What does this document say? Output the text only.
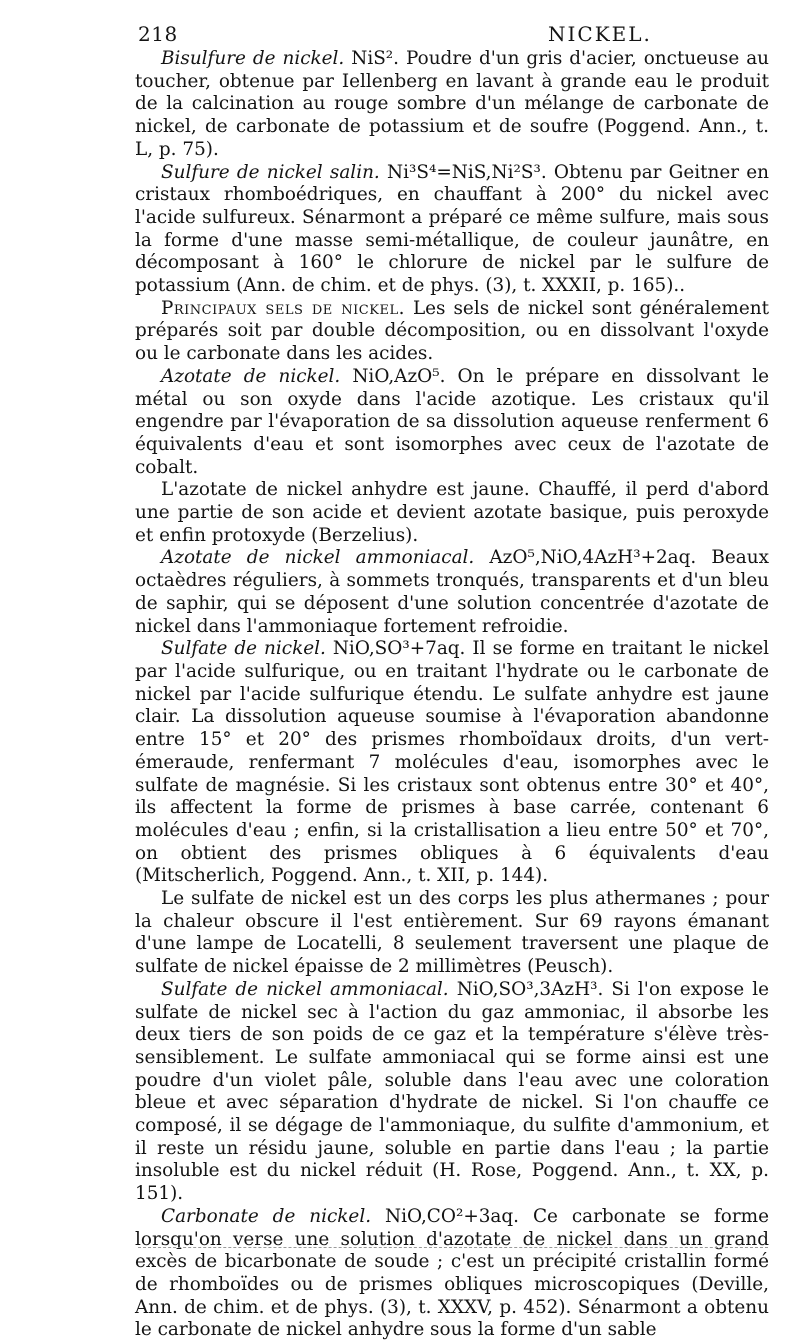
218	NICKEL.

Bisulfure de nickel. NiS². Poudre d'un gris d'acier, onctueuse au toucher, obtenue par Iellenberg en lavant à grande eau le produit de la calcination au rouge sombre d'un mélange de carbonate de nickel, de carbonate de potassium et de soufre (Poggend. Ann., t. L, p. 75).

Sulfure de nickel salin. Ni³S⁴=NiS,Ni²S³. Obtenu par Geitner en cristaux rhomboédriques, en chauffant à 200° du nickel avec l'acide sulfureux. Sénarmont a préparé ce même sulfure, mais sous la forme d'une masse semi-métallique, de couleur jaunâtre, en décomposant à 160° le chlorure de nickel par le sulfure de potassium (Ann. de chim. et de phys. (3), t. XXXII, p. 165)..

Principaux sels de nickel. Les sels de nickel sont généralement préparés soit par double décomposition, ou en dissolvant l'oxyde ou le carbonate dans les acides.

Azotate de nickel. NiO,AzO⁵. On le prépare en dissolvant le métal ou son oxyde dans l'acide azotique. Les cristaux qu'il engendre par l'évaporation de sa dissolution aqueuse renferment 6 équivalents d'eau et sont isomorphes avec ceux de l'azotate de cobalt.

L'azotate de nickel anhydre est jaune. Chauffé, il perd d'abord une partie de son acide et devient azotate basique, puis peroxyde et enfin protoxyde (Berzelius).

Azotate de nickel ammoniacal. AzO⁵,NiO,4AzH³+2aq. Beaux octaèdres réguliers, à sommets tronqués, transparents et d'un bleu de saphir, qui se déposent d'une solution concentrée d'azotate de nickel dans l'ammoniaque fortement refroidie.

Sulfate de nickel. NiO,SO³+7aq. Il se forme en traitant le nickel par l'acide sulfurique, ou en traitant l'hydrate ou le carbonate de nickel par l'acide sulfurique étendu. Le sulfate anhydre est jaune clair. La dissolution aqueuse soumise à l'évaporation abandonne entre 15° et 20° des prismes rhomboïdaux droits, d'un vert-émeraude, renfermant 7 molécules d'eau, isomorphes avec le sulfate de magnésie. Si les cristaux sont obtenus entre 30° et 40°, ils affectent la forme de prismes à base carrée, contenant 6 molécules d'eau ; enfin, si la cristallisation a lieu entre 50° et 70°, on obtient des prismes obliques à 6 équivalents d'eau (Mitscherlich, Poggend. Ann., t. XII, p. 144).

Le sulfate de nickel est un des corps les plus athermanes ; pour la chaleur obscure il l'est entièrement. Sur 69 rayons émanant d'une lampe de Locatelli, 8 seulement traversent une plaque de sulfate de nickel épaisse de 2 millimètres (Peusch).

Sulfate de nickel ammoniacal. NiO,SO³,3AzH³. Si l'on expose le sulfate de nickel sec à l'action du gaz ammoniac, il absorbe les deux tiers de son poids de ce gaz et la température s'élève très-sensiblement. Le sulfate ammoniacal qui se forme ainsi est une poudre d'un violet pâle, soluble dans l'eau avec une coloration bleue et avec séparation d'hydrate de nickel. Si l'on chauffe ce composé, il se dégage de l'ammoniaque, du sulfite d'ammonium, et il reste un résidu jaune, soluble en partie dans l'eau ; la partie insoluble est du nickel réduit (H. Rose, Poggend. Ann., t. XX, p. 151).

Carbonate de nickel. NiO,CO²+3aq. Ce carbonate se forme lorsqu'on verse une solution d'azotate de nickel dans un grand excès de bicarbonate de soude ; c'est un précipité cristallin formé de rhomboïdes ou de prismes obliques microscopiques (Deville, Ann. de chim. et de phys. (3), t. XXXV, p. 452). Sénarmont a obtenu le carbonate de nickel anhydre sous la forme d'un sable
